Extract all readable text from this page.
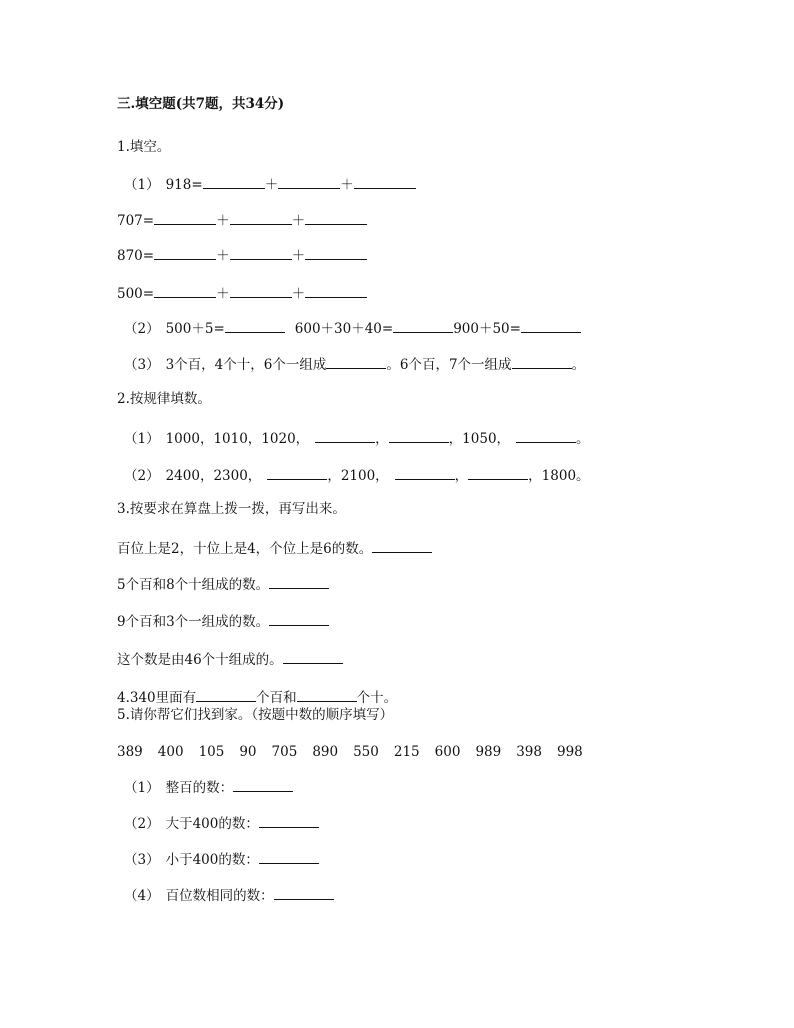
三.填空题(共7题，共34分)
1.填空。
（1） 918=	＋	＋
707=	＋	＋
870=	＋	＋
500=	＋	＋
（2） 500＋5=	600＋30＋40=	900＋50=
（3） 3个百，4个十，6个一组成	。6个百，7个一组成	。
2.按规律填数。
（1） 1000，1010，1020，	，	，1050，	。
（2） 2400，2300，	，2100，	，	，1800。
3.按要求在算盘上拨一拨，再写出来。
百位上是2，十位上是4，个位上是6的数。
5个百和8个十组成的数。
9个百和3个一组成的数。
这个数是由46个十组成的。
4.340里面有	个百和	个十。
5.请你帮它们找到家。（按题中数的顺序填写）
389 400 105 90 705 890 550 215 600 989 398 998
（1） 整百的数：
（2） 大于400的数：
（3） 小于400的数：
（4） 百位数相同的数：
